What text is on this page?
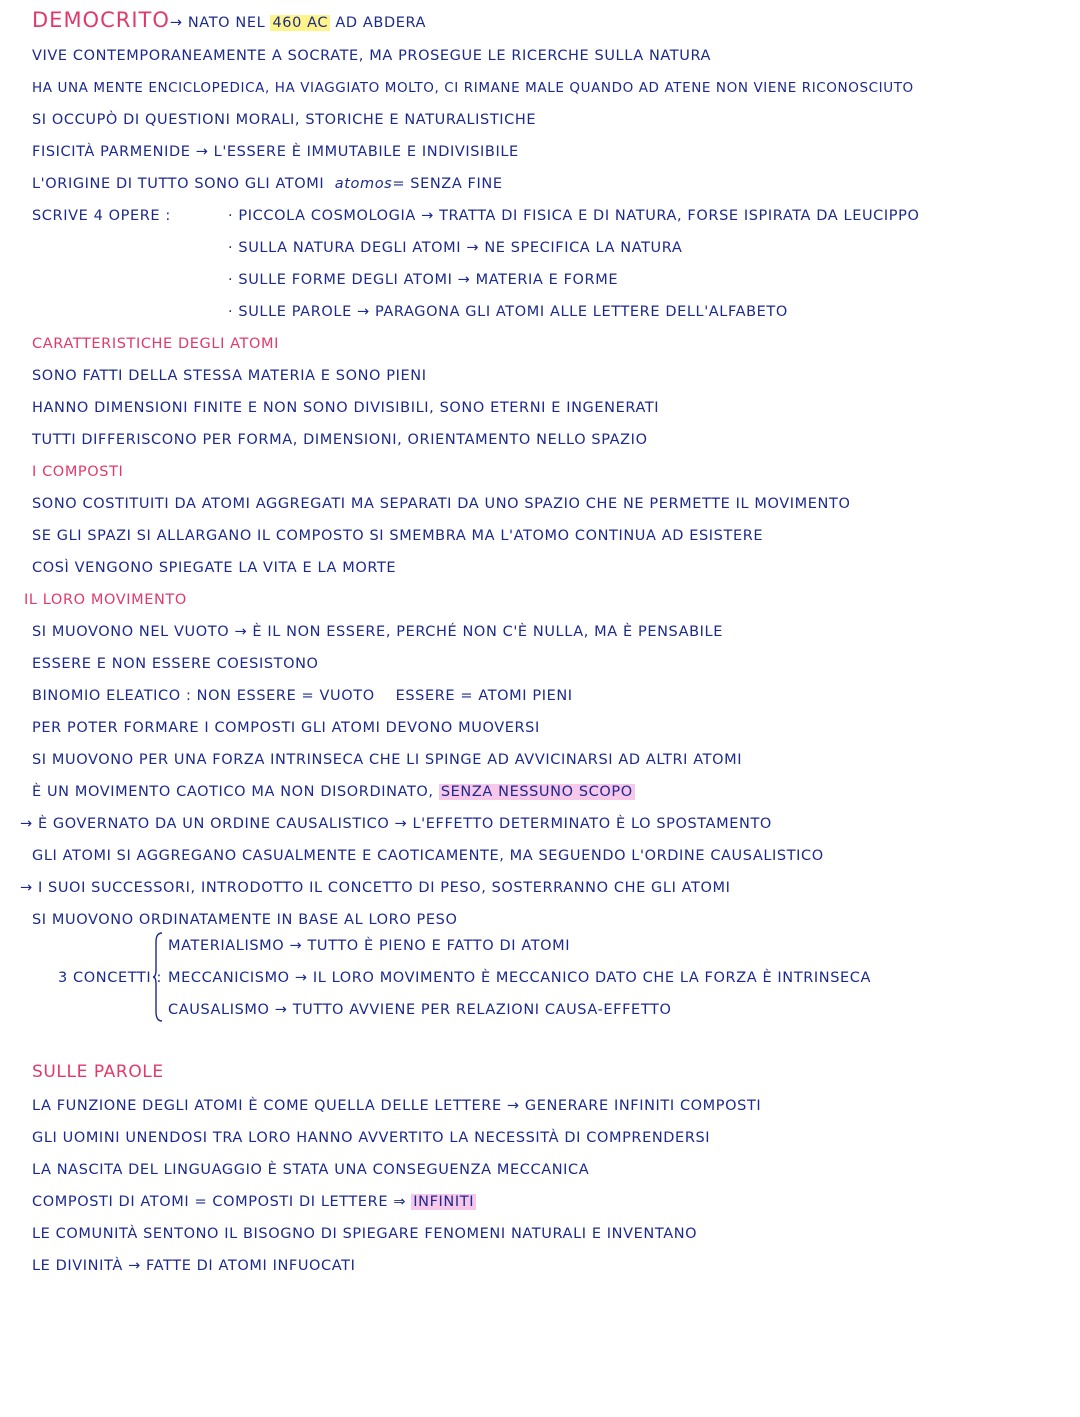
DEMOCRITO→ NATO NEL 460 AC AD ABDERA
VIVE CONTEMPORANEAMENTE A SOCRATE, MA PROSEGUE LE RICERCHE SULLA NATURA
HA UNA MENTE ENCICLOPEDICA, HA VIAGGIATO MOLTO, CI RIMANE MALE QUANDO AD ATENE NON VIENE RICONOSCIUTO
SI OCCUPÒ DI QUESTIONI MORALI, STORICHE E NATURALISTICHE
FISICITÀ PARMENIDE → L'ESSERE È IMMUTABILE E INDIVISIBILE
L'ORIGINE DI TUTTO SONO GLI ATOMI atomos= SENZA FINE
SCRIVE 4 OPERE :	· PICCOLA COSMOLOGIA → TRATTA DI FISICA E DI NATURA, FORSE ISPIRATA DA LEUCIPPO
· SULLA NATURA DEGLI ATOMI → NE SPECIFICA LA NATURA
· SULLE FORME DEGLI ATOMI → MATERIA E FORME
· SULLE PAROLE → PARAGONA GLI ATOMI ALLE LETTERE DELL'ALFABETO
CARATTERISTICHE DEGLI ATOMI
SONO FATTI DELLA STESSA MATERIA E SONO PIENI
HANNO DIMENSIONI FINITE E NON SONO DIVISIBILI, SONO ETERNI E INGENERATI
TUTTI DIFFERISCONO PER FORMA, DIMENSIONI, ORIENTAMENTO NELLO SPAZIO
I COMPOSTI
SONO COSTITUITI DA ATOMI AGGREGATI MA SEPARATI DA UNO SPAZIO CHE NE PERMETTE IL MOVIMENTO
SE GLI SPAZI SI ALLARGANO IL COMPOSTO SI SMEMBRA MA L'ATOMO CONTINUA AD ESISTERE
COSÌ VENGONO SPIEGATE LA VITA E LA MORTE
IL LORO MOVIMENTO
SI MUOVONO NEL VUOTO → È IL NON ESSERE, PERCHÉ NON C'È NULLA, MA È PENSABILE
ESSERE E NON ESSERE COESISTONO
BINOMIO ELEATICO : NON ESSERE = VUOTO ESSERE = ATOMI PIENI
PER POTER FORMARE I COMPOSTI GLI ATOMI DEVONO MUOVERSI
SI MUOVONO PER UNA FORZA INTRINSECA CHE LI SPINGE AD AVVICINARSI AD ALTRI ATOMI
È UN MOVIMENTO CAOTICO MA NON DISORDINATO, SENZA NESSUNO SCOPO
→ È GOVERNATO DA UN ORDINE CAUSALISTICO → L'EFFETTO DETERMINATO È LO SPOSTAMENTO
GLI ATOMI SI AGGREGANO CASUALMENTE E CAOTICAMENTE, MA SEGUENDO L'ORDINE CAUSALISTICO
→ I SUOI SUCCESSORI, INTRODOTTO IL CONCETTO DI PESO, SOSTERRANNO CHE GLI ATOMI
SI MUOVONO ORDINATAMENTE IN BASE AL LORO PESO
3 CONCETTI :
MATERIALISMO → TUTTO È PIENO E FATTO DI ATOMI
MECCANICISMO → IL LORO MOVIMENTO È MECCANICO DATO CHE LA FORZA È INTRINSECA
CAUSALISMO → TUTTO AVVIENE PER RELAZIONI CAUSA-EFFETTO
SULLE PAROLE
LA FUNZIONE DEGLI ATOMI È COME QUELLA DELLE LETTERE → GENERARE INFINITI COMPOSTI
GLI UOMINI UNENDOSI TRA LORO HANNO AVVERTITO LA NECESSITÀ DI COMPRENDERSI
LA NASCITA DEL LINGUAGGIO È STATA UNA CONSEGUENZA MECCANICA
COMPOSTI DI ATOMI = COMPOSTI DI LETTERE ⇒ INFINITI
LE COMUNITÀ SENTONO IL BISOGNO DI SPIEGARE FENOMENI NATURALI E INVENTANO
LE DIVINITÀ → FATTE DI ATOMI INFUOCATI
